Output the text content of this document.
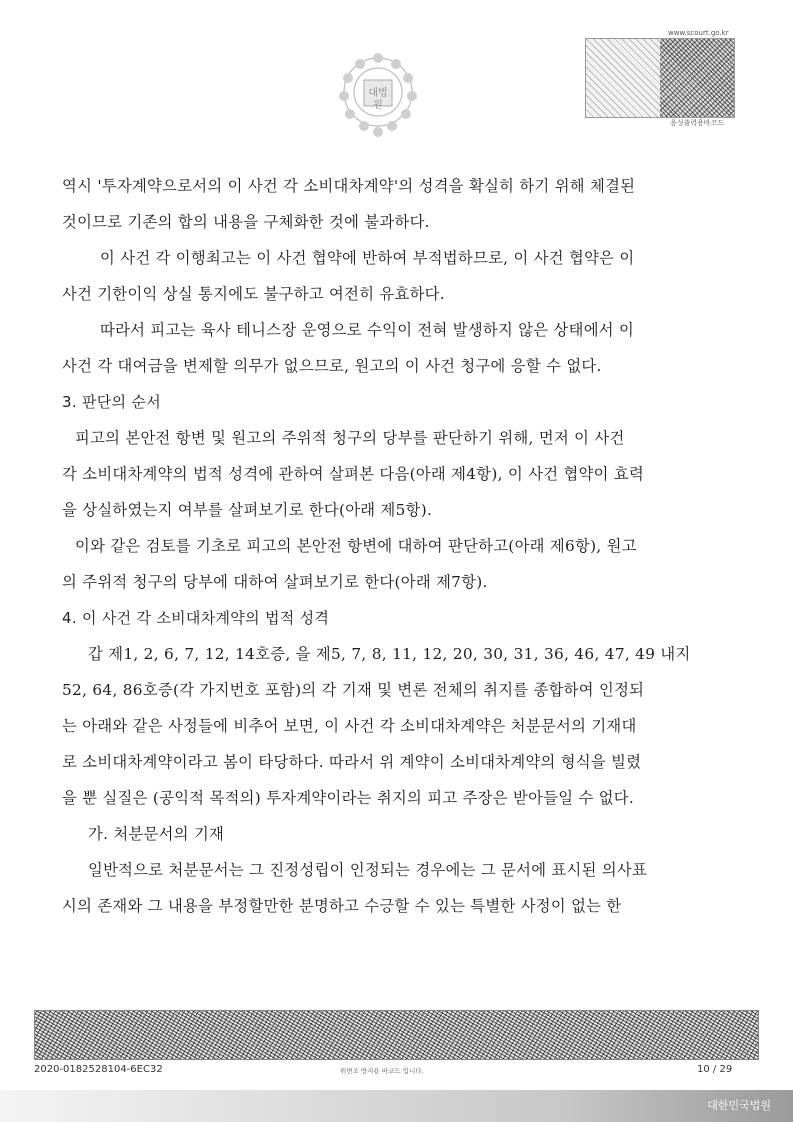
대법
원
www.scourt.go.kr
음성출력용바코드
역시 '투자계약으로서의 이 사건 각 소비대차계약'의 성격을 확실히 하기 위해 체결된
것이므로 기존의 합의 내용을 구체화한 것에 불과하다.
이 사건 각 이행최고는 이 사건 협약에 반하여 부적법하므로, 이 사건 협약은 이
사건 기한이익 상실 통지에도 불구하고 여전히 유효하다.
따라서 피고는 육사 테니스장 운영으로 수익이 전혀 발생하지 않은 상태에서 이
사건 각 대여금을 변제할 의무가 없으므로, 원고의 이 사건 청구에 응할 수 없다.
3. 판단의 순서
피고의 본안전 항변 및 원고의 주위적 청구의 당부를 판단하기 위해, 먼저 이 사건
각 소비대차계약의 법적 성격에 관하여 살펴본 다음(아래 제4항), 이 사건 협약이 효력
을 상실하였는지 여부를 살펴보기로 한다(아래 제5항).
이와 같은 검토를 기초로 피고의 본안전 항변에 대하여 판단하고(아래 제6항), 원고
의 주위적 청구의 당부에 대하여 살펴보기로 한다(아래 제7항).
4. 이 사건 각 소비대차계약의 법적 성격
갑 제1, 2, 6, 7, 12, 14호증, 을 제5, 7, 8, 11, 12, 20, 30, 31, 36, 46, 47, 49 내지
52, 64, 86호증(각 가지번호 포함)의 각 기재 및 변론 전체의 취지를 종합하여 인정되
는 아래와 같은 사정들에 비추어 보면, 이 사건 각 소비대차계약은 처분문서의 기재대
로 소비대차계약이라고 봄이 타당하다. 따라서 위 계약이 소비대차계약의 형식을 빌렸
을 뿐 실질은 (공익적 목적의) 투자계약이라는 취지의 피고 주장은 받아들일 수 없다.
가. 처분문서의 기재
일반적으로 처분문서는 그 진정성립이 인정되는 경우에는 그 문서에 표시된 의사표
시의 존재와 그 내용을 부정할만한 분명하고 수긍할 수 있는 특별한 사정이 없는 한
2020-0182528104-6EC32	위변조 방지용 바코드 입니다.	10 / 29
대한민국법원
